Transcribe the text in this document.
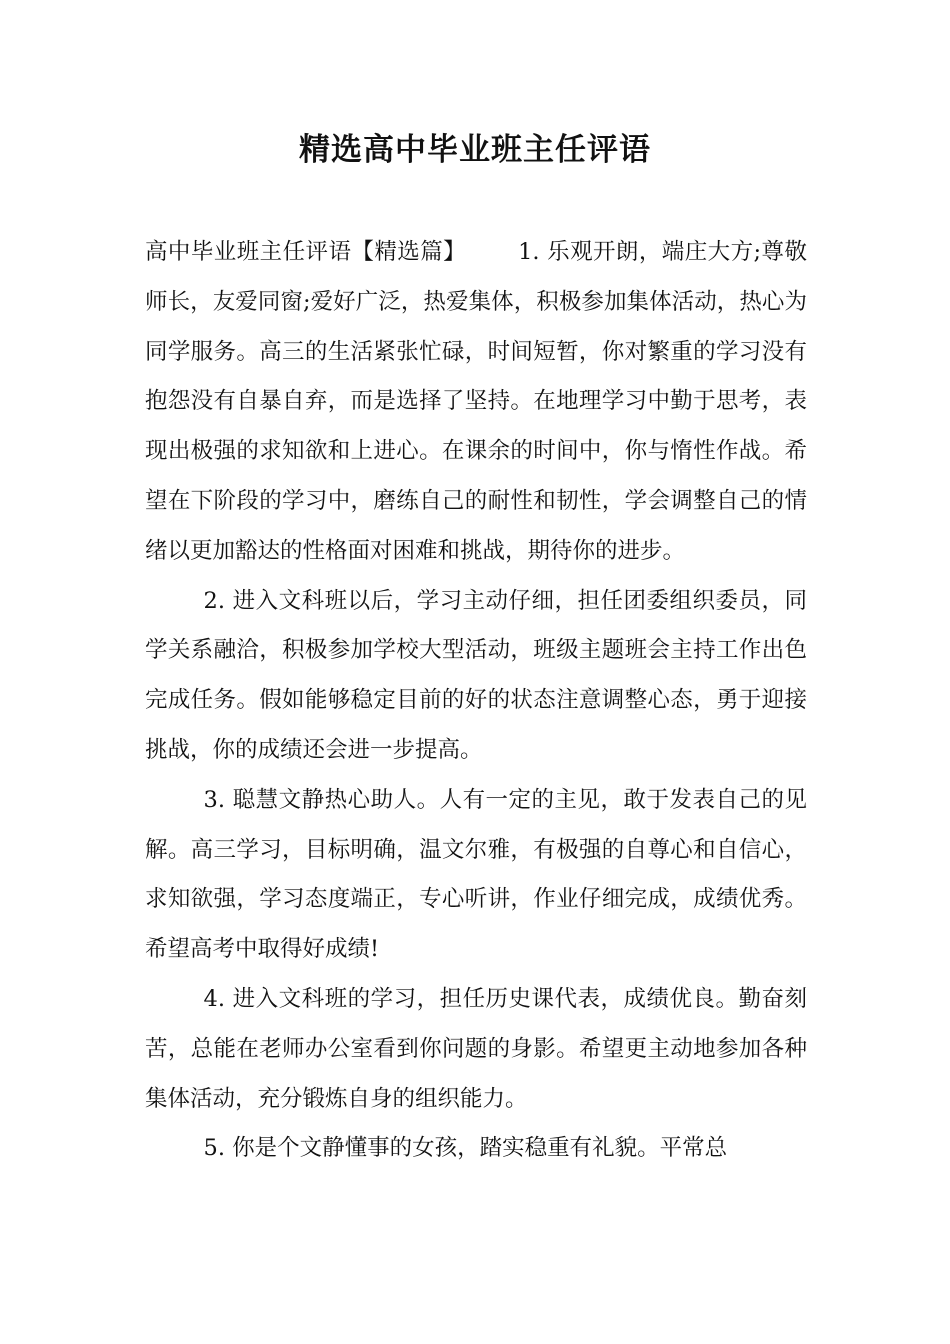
精选高中毕业班主任评语

高中毕业班主任评语【精选篇】 1. 乐观开朗，端庄大方;尊敬师长，友爱同窗;爱好广泛，热爱集体，积极参加集体活动，热心为同学服务。高三的生活紧张忙碌，时间短暂，你对繁重的学习没有抱怨没有自暴自弃，而是选择了坚持。在地理学习中勤于思考，表现出极强的求知欲和上进心。在课余的时间中，你与惰性作战。希望在下阶段的学习中，磨练自己的耐性和韧性，学会调整自己的情绪以更加豁达的性格面对困难和挑战，期待你的进步。

2. 进入文科班以后，学习主动仔细，担任团委组织委员，同学关系融洽，积极参加学校大型活动，班级主题班会主持工作出色完成任务。假如能够稳定目前的好的状态注意调整心态，勇于迎接挑战，你的成绩还会进一步提高。

3. 聪慧文静热心助人。人有一定的主见，敢于发表自己的见解。高三学习，目标明确，温文尔雅，有极强的自尊心和自信心，求知欲强，学习态度端正，专心听讲，作业仔细完成，成绩优秀。 希望高考中取得好成绩!

4. 进入文科班的学习，担任历史课代表，成绩优良。勤奋刻苦，总能在老师办公室看到你问题的身影。希望更主动地参加各种集体活动，充分锻炼自身的组织能力。

5. 你是个文静懂事的女孩，踏实稳重有礼貌。平常总
